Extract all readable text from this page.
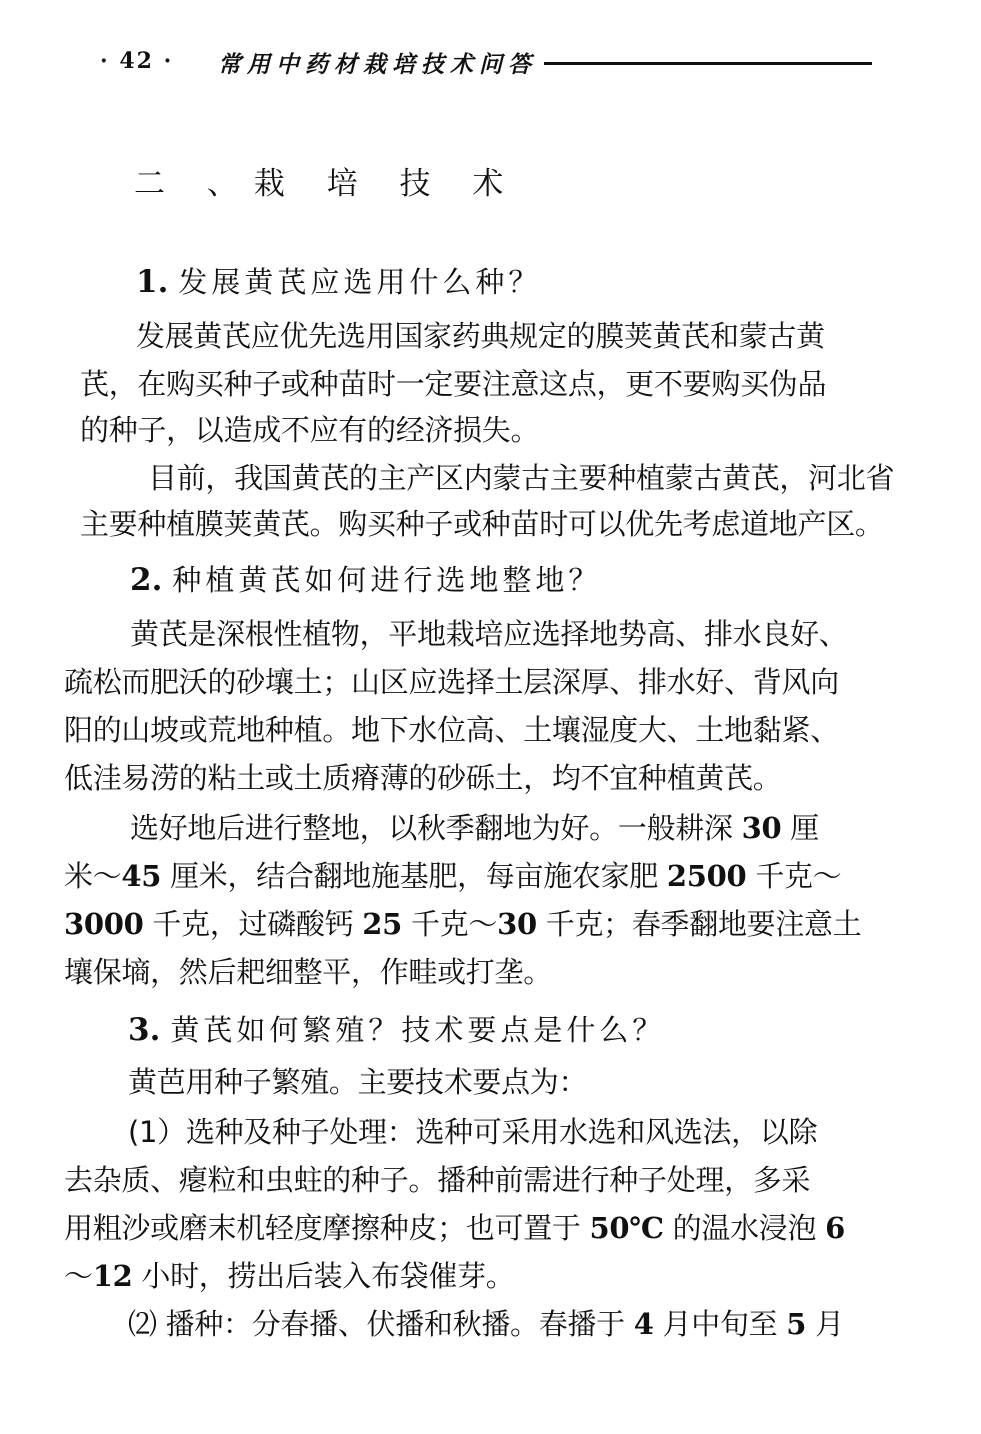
· 42 · 常用中药材栽培技术问答
二 、栽 培 技 术
1. 发展黄芪应选用什么种？
发展黄芪应优先选用国家药典规定的膜荚黄芪和蒙古黄
芪，在购买种子或种苗时一定要注意这点，更不要购买伪品
的种子，以造成不应有的经济损失。
目前，我国黄芪的主产区内蒙古主要种植蒙古黄芪，河北省
主要种植膜荚黄芪。购买种子或种苗时可以优先考虑道地产区。
2. 种植黄芪如何进行选地整地？
黄芪是深根性植物，平地栽培应选择地势高、排水良好、
疏松而肥沃的砂壤土；山区应选择土层深厚、排水好、背风向
阳的山坡或荒地种植。地下水位高、土壤湿度大、土地黏紧、
低洼易涝的粘土或土质瘠薄的砂砾土，均不宜种植黄芪。
选好地后进行整地，以秋季翻地为好。一般耕深 30 厘
米～45 厘米，结合翻地施基肥，每亩施农家肥 2500 千克～
3000 千克，过磷酸钙 25 千克～30 千克；春季翻地要注意土
壤保墒，然后耙细整平，作畦或打垄。
3. 黄芪如何繁殖？技术要点是什么？
黄芭用种子繁殖。主要技术要点为：
(1）选种及种子处理：选种可采用水选和风选法，以除
去杂质、瘪粒和虫蛀的种子。播种前需进行种子处理，多采
用粗沙或磨末机轻度摩擦种皮；也可置于 50℃ 的温水浸泡 6
～12 小时，捞出后装入布袋催芽。
⑵ 播种：分春播、伏播和秋播。春播于 4 月中旬至 5 月
